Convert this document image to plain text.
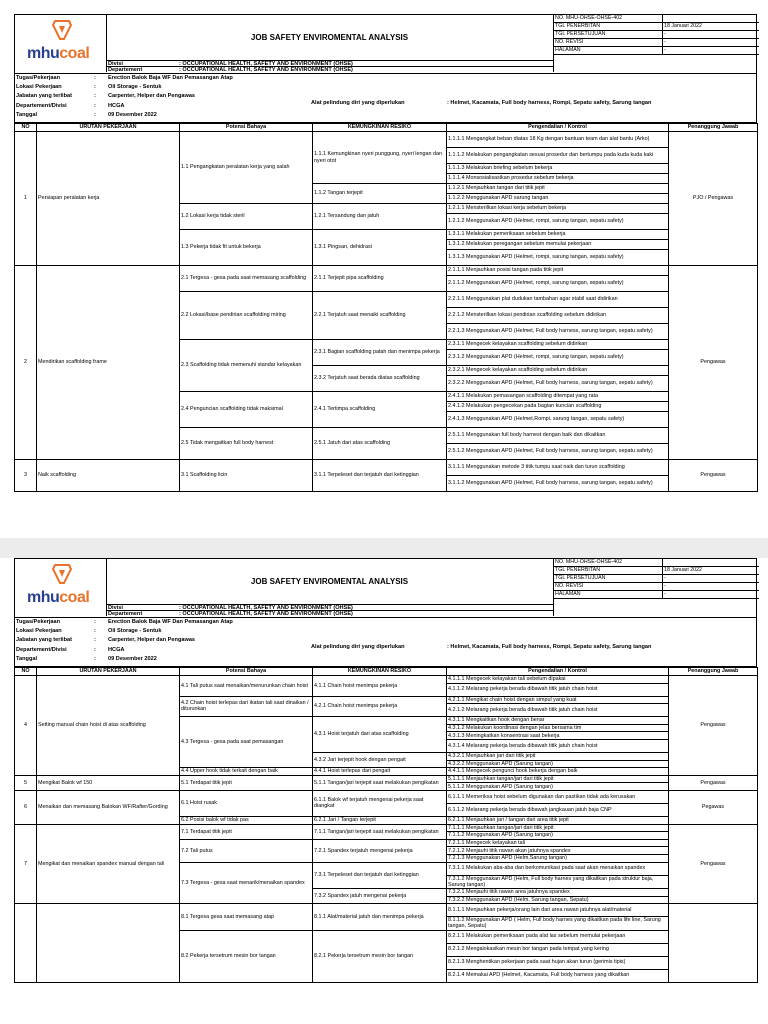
mhucoal
JOB SAFETY ENVIROMENTAL ANALYSIS
Divisi	: OCCUPATIONAL HEALTH, SAFETY AND ENVIRONMENT (OHSE)
Departement	: OCCUPATIONAL HEALTH, SAFETY AND ENVIRONMENT (OHSE)
NO. MHU-OHSE-OHSE-402
TGL PENERBITAN	18 Januari 2022
TGL PERSETUJUAN	-
NO. REVISI	-
HALAMAN	-
Alat pelindung diri yang diperlukan	: Helmet, Kacamata, Full body harness, Rompi, Sepatu safety, Sarung tangan
Tugas/Pekerjaan	: Erection Balok Baja WF Dan Pemasangan Atap
Lokasi Pekerjaan	: Oil Storage - Sentuk
Jabatan yang terlibat	: Carpenter, Helper dan Pengawas
Departement/Divisi	: HCGA
Tanggal	: 09 Desember 2022
NO	URUTAN PEKERJAAN	Potensi Bahaya	KEMUNGKINAN RESIKO	Pengendalian / Kontrol	Penanggung Jawab
1	Persiapan peralatan kerja	1.1 Pengangkatan peralatan kerja yang salah	1.1.1 Kemungkinan nyeri punggung, nyeri lengan dan nyeri otot	1.1.1.1 Mengangkat beban diatas 18 Kg dengan bantuan team dan alat bantu (Arko)	PJO / Pengawas
				1.1.1.2 Melakukan pengangkatan sesuai prosedur dan bertumpu pada kuda kuda kaki	
				1.1.1.3 Melakukan briefing sebelum bekerja	
				1.1.1.4 Monsosialisasikan prosedur sebelum bekerja	
			1.1.2 Tangan terjepit	1.1.2.1 Menjauhkan tangan dari titik jepit	
				1.1.2.2 Menggunakan APD sarung tangan	
		1.2 Lokasi kerja tidak steril	1.2.1 Tersandung dan jatuh	1.2.1.1 Mensterilkan lokasi kerja sebelum bekerja	
				1.2.1.2 Menggunakan APD (Helmet, rompi, sarung tangan, sepatu safety)	
		1.3 Pekerja tidak fit untuk bekerja	1.3.1 Pingsan, dehidrasi	1.3.1.1 Melakukan pemeriksaan sebelum bekerja	
				1.3.1.2 Melakukan peregangan sebelum memulai pekerjaan	
				1.3.1.3 Menggunakan APD (Helmet, rompi, sarung tangan, sepatu safety)	
2	Mendirikan scaffolding frame	2.1 Tergesa - gesa pada saat memasang scaffolding	2.1.1 Terjepit pipa scaffolding	2.1.1.1 Menjauhkan posisi tangan pada titik jepit	Pengawas
				2.1.1.2 Menggunakan APD (Helmet, rompi, sarung tangan, sepatu safety)	
		2.2 Lokasi/base pendirian scaffolding miring	2.2.1 Terjatuh saat menaiki scaffolding	2.2.1.1 Menggunakan plat dudukan tambahan agar stabil saat didirikan	
				2.2.1.2 Mensterilkan lokasi pendirian scaffolding sebelum didirikan	
				2.2.1.3 Menggunakan APD (Helmet, Full body harness, sarung tangan, sepatu safety)	
		2.3 Scaffolding tidak memenuhi standar kelayakan	2.3.1 Bagian scaffolding patah dan menimpa pekerja	2.3.1.1 Mengecek kelayakan scaffolding sebelum didirikan	
				2.3.1.2 Menggunakan APD (Helmet, rompi, sarung tangan, sepatu safety)	
			2.3.2 Terjatuh saat berada diatas scaffolding	2.3.2.1 Mengecek kelayakan scaffolding sebelum didirikan	
				2.3.2.2 Menggunakan APD (Helmet, Full body harness, sarung tangan, sepatu safety)	
		2.4 Penguncian scaffolding tidak maksimal	2.4.1 Tertimpa scaffolding	2.4.1.1 Melakukan pemasangan scaffolding ditempat yang rata	
				2.4.1.2 Melakukan pengecekan pada bagian kuncian scaffolding	
				2.4.1.3 Menggunakan APD (Helmet,Rompi, sarung tangan, sepatu safety)	
		2.5 Tidak mengaitkan full body harnest	2.5.1 Jatuh dari atas scaffolding	2.5.1.1 Menggunakan full body harnest dengan baik dan dikaitkan	
				2.5.1.2 Menggunakan APD (Helmet, Full body harness, sarung tangan, sepatu safety)	
3	Naik scaffolding	3.1 Scaffolding licin	3.1.1 Terpeleset dan terjatuh dari ketinggian	3.1.1.1 Menggunakan metode 3 titik tumpu saat naik dan turun scaffolding	Pengawas
				3.1.1.2 Menggunakan APD (Helmet, Full body harness, sarung tangan, sepatu safety)	
mhucoal
JOB SAFETY ENVIROMENTAL ANALYSIS
Divisi	: OCCUPATIONAL HEALTH, SAFETY AND ENVIRONMENT (OHSE)
Departement	: OCCUPATIONAL HEALTH, SAFETY AND ENVIRONMENT (OHSE)
NO. MHU-OHSE-OHSE-402
TGL PENERBITAN	18 Januari 2022
TGL PERSETUJUAN	-
NO. REVISI	-
HALAMAN	-
Alat pelindung diri yang diperlukan	: Helmet, Kacamata, Full body harness, Rompi, Sepatu safety, Sarung tangan
Tugas/Pekerjaan	: Erection Balok Baja WF Dan Pemasangan Atap
Lokasi Pekerjaan	: Oil Storage - Sentuk
Jabatan yang terlibat	: Carpenter, Helper dan Pengawas
Departement/Divisi	: HCGA
Tanggal	: 09 Desember 2022
NO	URUTAN PEKERJAAN	Potensi Bahaya	KEMUNGKINAN RESIKO	Pengendalian / Kontrol	Penanggung Jawab
4	Setting manual chain hoist di atas scaffolding	4.1 Tali putus saat menaikan/menurunkan chain hoist	4.1.1 Chain hoist menimpa pekerja	4.1.1.1 Mengecek kelayakan tali sebelum dipakai	Pengawas
				4.1.1.2 Melarang pekerja berada dibawah titik jatuh chain hoist	
		4.2 Chain hoist terlepas dari ikatan tali saat dinaikan / diturunkan	4.2.1 Chain hoist menimpa pekerja	4.2.1.1 Mengikat chain hoist dengan simpul yang kuat	
				4.2.1.2 Melarang pekerja berada dibawah titik jatuh chain hoist	
		4.3 Tergesa - gesa pada saat pemasangan	4.3.1 Hoist terjatuh dari atas scaffolding	4.3.1.1 Mengkaitkan hook dengan benar	
				4.3.1.2 Melakukan koordinasi dengan jelas bersama tim	
				4.3.1.3 Meningkatkan konsentrasi saat bekerja	
				4.3.1.4 Melarang pekerja berada dibawah titik jatuh chain hoist	
			4.3.2 Jari terjepit hook dengan pengait	4.3.2.1 Menjauhkan jari dari titik jepit	
				4.3.2.2 Menggunakan APD (Sarung tangan)	
		4.4 Upper hook tidak terkait dengan baik	4.4.1 Hoist terlepas dari pengait	4.4.1.1 Mengecek pengunci hook bekerja dengan baik	
5	Mengikat Balok wf 150	5.1 Terdapat titik jepit	5.1.1 Tangan/jari terjepit saat melakukan pengikatan	5.1.1.1 Menjauhkan tangan/jari dari titik jepit	Pengawas
				5.1.1.2 Menggunakan APD (Sarung tangan)	
6	Menaikan dan memasang Balokan WF/Rafter/Gording	6.1 Hoist rusak	6.1.1 Balok wf terjatuh mengenai pekerja saat diangkat	6.1.1.1 Memeriksa hoist sebelum digunakan dan pastikan tidak ada kerusakan	Pegawas
				6.1.1.2 Melarang pekerja berada dibawah jangkauan jatuh baja CNP	
		6.2 Posisi balok wf tidak pas	6.2.1 Jari / Tangan terjepit	6.2.1.1 Menjauhkan jari / tangan dari area titik jepit	
7	Mengikat dan menaikan spandex manual dengan tali	7.1 Terdapat titik jepit	7.1.1 Tangan/jari terjepit saat melakukan pengikatan	7.1.1.1 Menjauhkan tangan/jari dari titik jepit	Pengawas
				7.1.1.2 Menggunakan APD (Sarung tangan)	
		7.2 Tali putus	7.2.1 Spandex terjatuh mengenai pekerja	7.2.1.1 Mengecek kelayakan tali	
				7.2.1.2 Menjauhi titik rawan akan jatuhnya spandex	
				7.2.1.3 Menggunakan APD (Helm,Sarung tangan)	
		7.3 Tergesa - gesa saat menarik/menaikan spandex	7.3.1 Terpeleset dan terjatuh dari ketinggian	7.3.1.1 Melakukan aba-aba dan berkomunikasi pada saat akan menaikan spandex	
				7.3.1.2 Menggunakan APD (Helm, Full body harnes yang dikaitkan pada struktur baja, Sarung tangan)	
			7.3.2 Spandex jatuh mengenai pekerja	7.3.2.1 Menjauhi titik rawan area jatuhnya spandex	
				7.3.2.2 Menggunakan APD (Helm, Sarung tangan, Sepatu)	
		8.1 Tergesa gesa saat memasang atap	8.1.1 Alat/material jatuh dan menimpa pekerja	8.1.1.1 Menjauhkan pekerja/orang lain dari area rawan jatuhnya alat/material	
				8.1.1.2 Menggunakan APD ( Helm, Full body harnes yang dikaitkan pada life line, Sarung tangan, Sepatu)	
		8.2 Pekerja tersetrum mesin bor tangan	8.2.1 Pekerja tersetrum mesin bor tangan	8.2.1.1 Melakukan pemeriksaan pada alat las sebelum memulai pekerjaan	
				8.2.1.2 Mengalokasikan mesin bor tangan pada tempat yang kering	
				8.2.1.3 Menghentikan pekerjaan pada saat hujan akan turun (gerimis tipis)	
				8.2.1.4 Memakai APD (Helmet, Kacamata, Full body harness yang dikaitkan	
